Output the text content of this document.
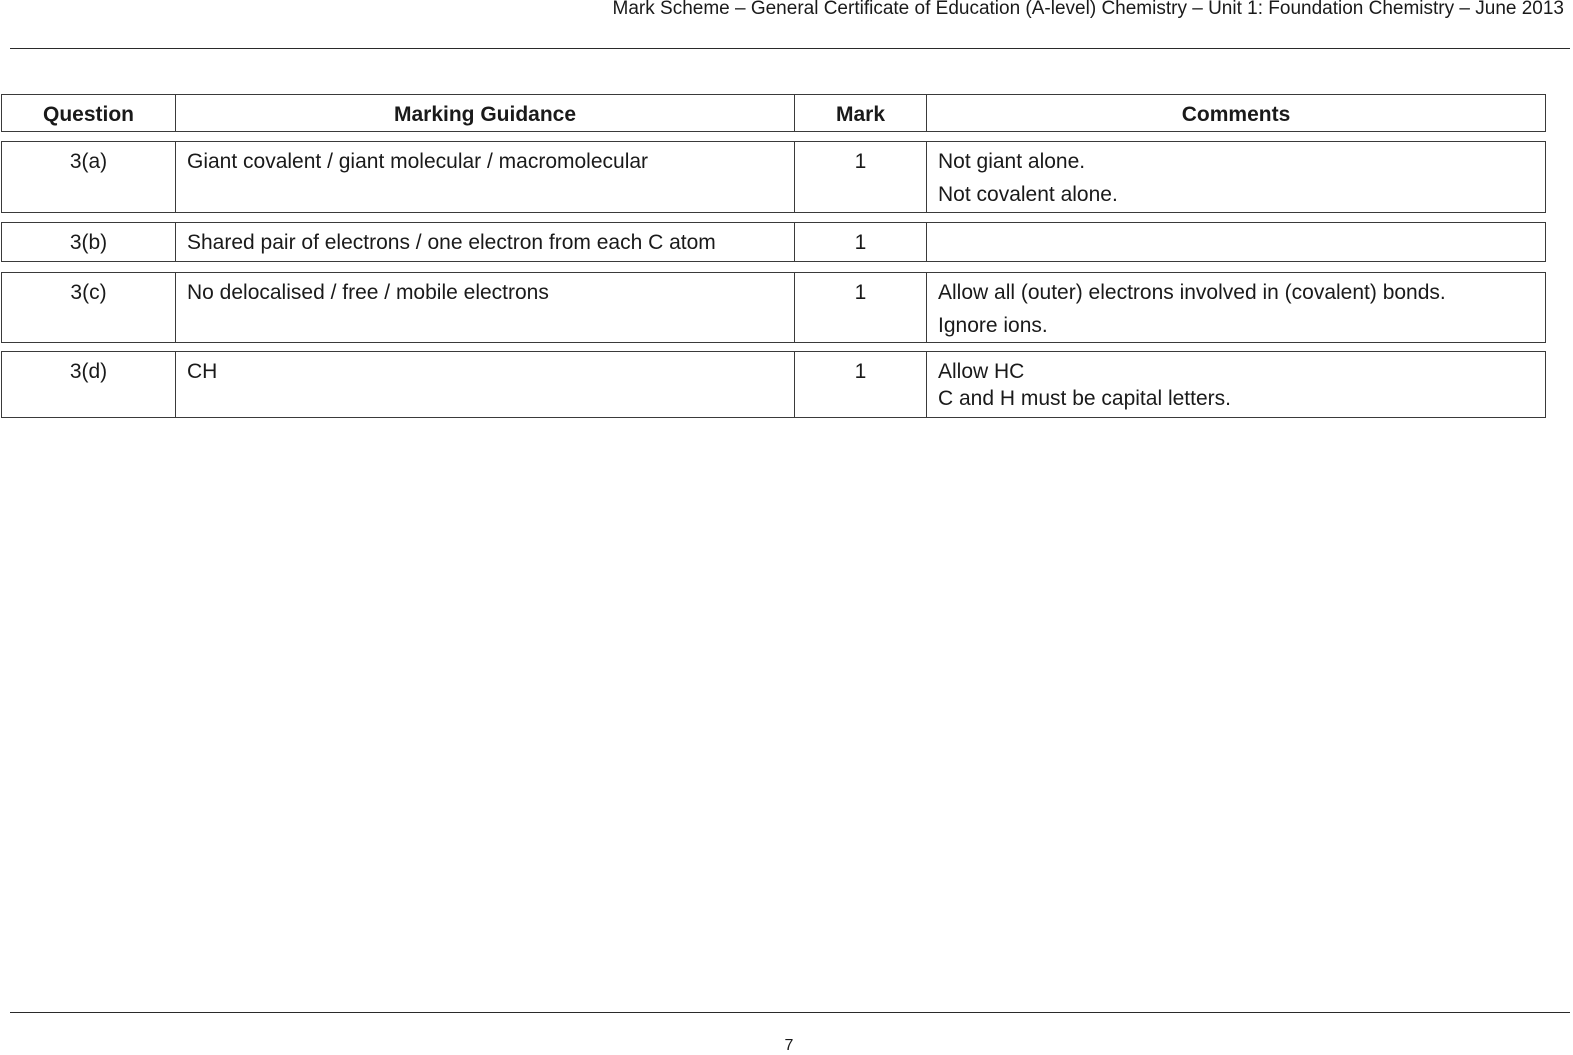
Mark Scheme – General Certificate of Education (A-level) Chemistry – Unit 1: Foundation Chemistry – June 2013
Question	Marking Guidance	Mark	Comments
3(a)	Giant covalent / giant molecular / macromolecular	1	Not giant alone.
Not covalent alone.
3(b)	Shared pair of electrons / one electron from each C atom	1
3(c)	No delocalised / free / mobile electrons	1	Allow all (outer) electrons involved in (covalent) bonds.
Ignore ions.
3(d)	CH	1	Allow HC
C and H must be capital letters.
7
